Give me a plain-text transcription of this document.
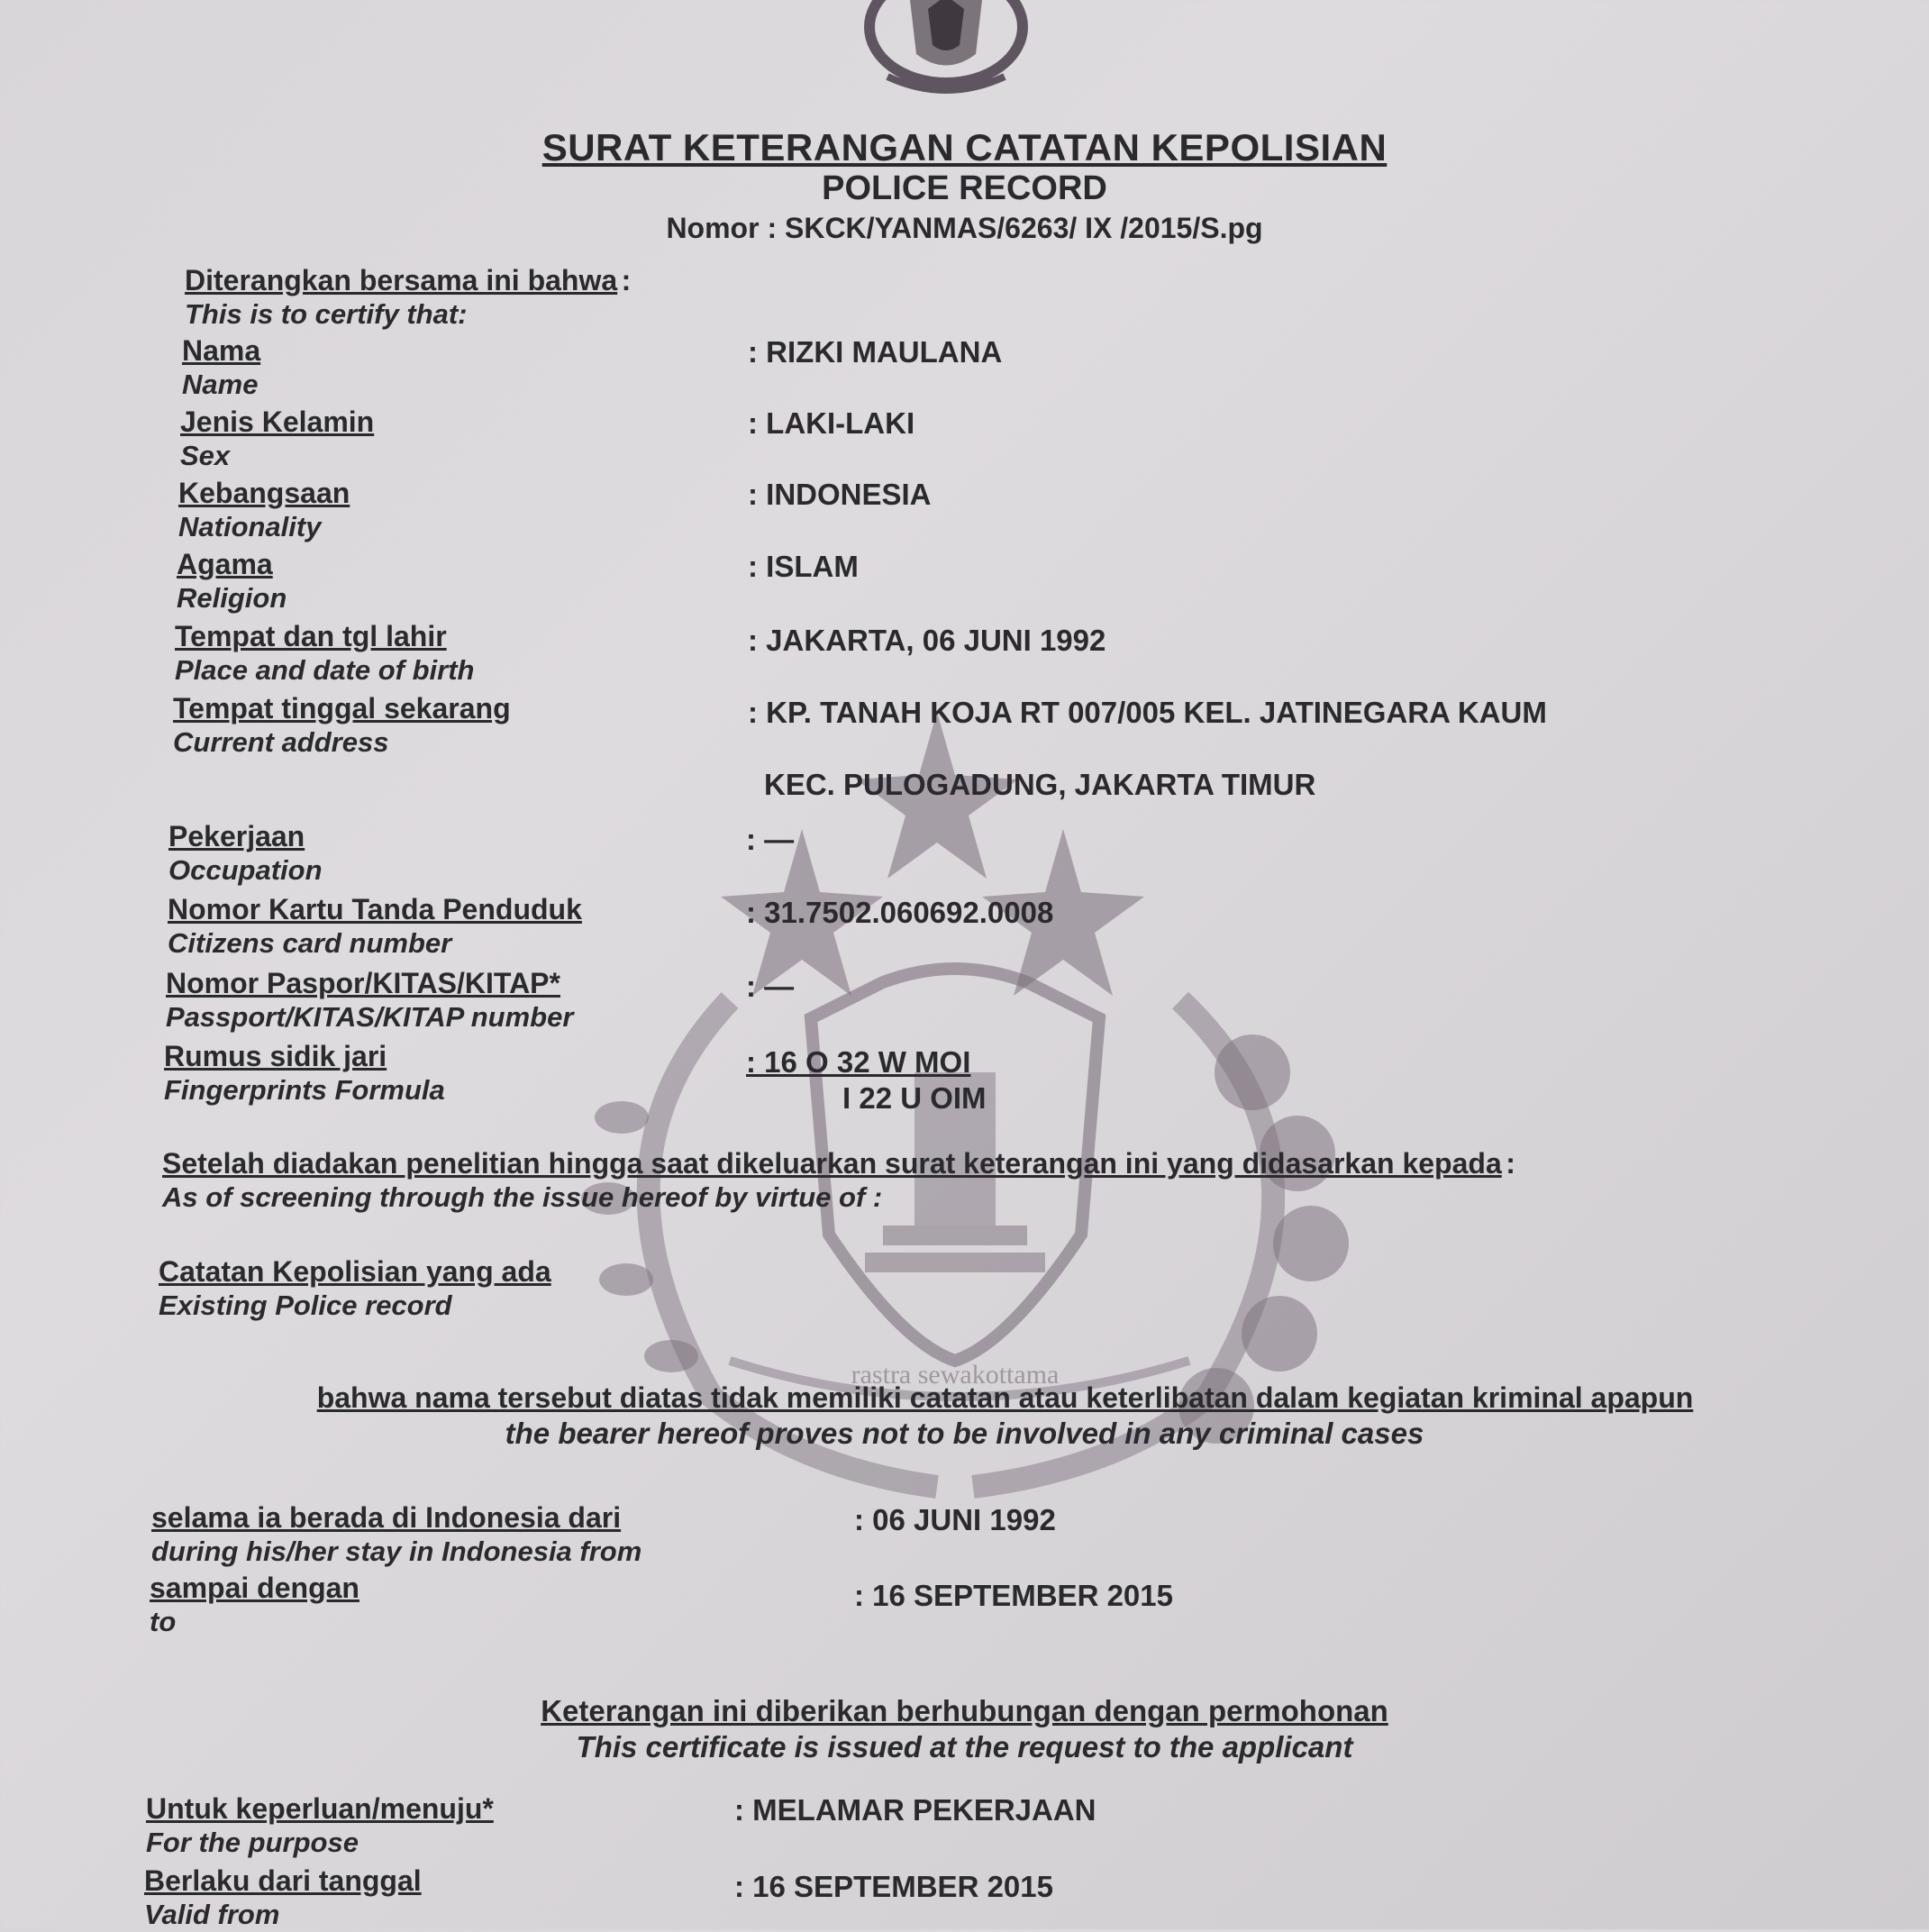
rastra sewakottama
SURAT KETERANGAN CATATAN KEPOLISIAN
POLICE RECORD
Nomor : SKCK/YANMAS/6263/ IX /2015/S.pg
Diterangkan bersama ini bahwa :
This is to certify that:
Nama
Name
: RIZKI MAULANA
Jenis Kelamin
Sex
: LAKI-LAKI
Kebangsaan
Nationality
: INDONESIA
Agama
Religion
: ISLAM
Tempat dan tgl lahir
Place and date of birth
: JAKARTA, 06 JUNI 1992
Tempat tinggal sekarang
Current address
: KP. TANAH KOJA RT 007/005 KEL. JATINEGARA KAUM
KEC. PULOGADUNG, JAKARTA TIMUR
Pekerjaan
Occupation
: —
Nomor Kartu Tanda Penduduk
Citizens card number
: 31.7502.060692.0008
Nomor Paspor/KITAS/KITAP*
Passport/KITAS/KITAP number
: —
Rumus sidik jari
Fingerprints Formula
: 16 O 32 W MOI
I 22 U OIM
Setelah diadakan penelitian hingga saat dikeluarkan surat keterangan ini yang didasarkan kepada :
As of screening through the issue hereof by virtue of :
Catatan Kepolisian yang ada
Existing Police record
bahwa nama tersebut diatas tidak memiliki catatan atau keterlibatan dalam kegiatan kriminal apapun
the bearer hereof proves not to be involved in any criminal cases
selama ia berada di Indonesia dari
during his/her stay in Indonesia from
: 06 JUNI 1992
sampai dengan
to
: 16 SEPTEMBER 2015
Keterangan ini diberikan berhubungan dengan permohonan
This certificate is issued at the request to the applicant
Untuk keperluan/menuju*
For the purpose
: MELAMAR PEKERJAAN
Berlaku dari tanggal
Valid from
: 16 SEPTEMBER 2015
